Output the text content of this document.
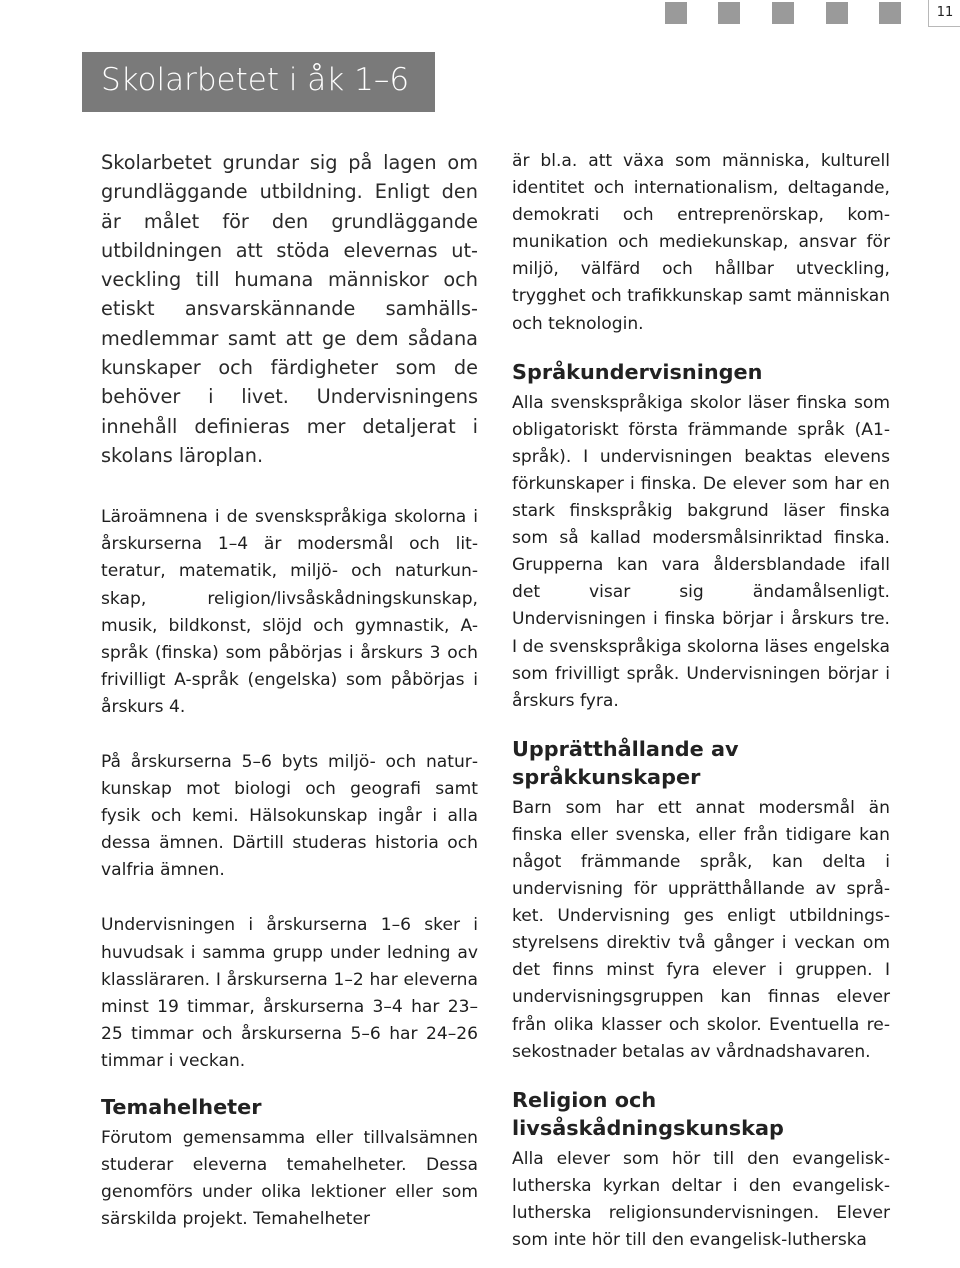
11
Skolarbetet i åk 1–6

Skolarbetet grundar sig på lagen om grundläggande utbildning. Enligt den är målet för den grundläggande utbildningen att stöda elevernas utveckling till humana människor och etiskt ansvarskännande samhällsmedlemmar samt att ge dem sådana kunskaper och färdigheter som de behöver i livet. Undervisningens innehåll definieras mer detaljerat i skolans läroplan.

Läroämnena i de svenskspråkiga skolorna i årskurserna 1–4 är modersmål och litteratur, matematik, miljö- och naturkunskap, religion/livsåskådningskunskap, musik, bildkonst, slöjd och gymnastik, A-språk (finska) som påbörjas i årskurs 3 och frivilligt A-språk (engelska) som påbörjas i årskurs 4.

På årskurserna 5–6 byts miljö- och naturkunskap mot biologi och geografi samt fysik och kemi. Hälsokunskap ingår i alla dessa ämnen. Därtill studeras historia och valfria ämnen.

Undervisningen i årskurserna 1–6 sker i huvudsak i samma grupp under ledning av klassläraren. I årskurserna 1–2 har eleverna minst 19 timmar, årskurserna 3–4 har 23–25 timmar och årskurserna 5–6 har 24–26 timmar i veckan.

Temahelheter

Förutom gemensamma eller tillvalsämnen studerar eleverna temahelheter. Dessa genomförs under olika lektioner eller som särskilda projekt. Temahelheter

är bl.a. att växa som människa, kulturell identitet och internationalism, deltagande, demokrati och entreprenörskap, kommunikation och mediekunskap, ansvar för miljö, välfärd och hållbar utveckling, trygghet och trafikkunskap samt människan och teknologin.

Språkundervisningen

Alla svenskspråkiga skolor läser finska som obligatoriskt första främmande språk (A1-språk). I undervisningen beaktas elevens förkunskaper i finska. De elever som har en stark finskspråkig bakgrund läser finska som så kallad modersmålsinriktad finska. Grupperna kan vara åldersblandade ifall det visar sig ändamålsenligt. Undervisningen i finska börjar i årskurs tre. I de svenskspråkiga skolorna läses engelska som frivilligt språk. Undervisningen börjar i årskurs fyra.

Upprätthållande av språkkunskaper

Barn som har ett annat modersmål än finska eller svenska, eller från tidigare kan något främmande språk, kan delta i undervisning för upprätthållande av språket. Undervisning ges enligt utbildningsstyrelsens direktiv två gånger i veckan om det finns minst fyra elever i gruppen. I undervisningsgruppen kan finnas elever från olika klasser och skolor. Eventuella resekostnader betalas av vårdnadshavaren.

Religion och livsåskådningskunskap

Alla elever som hör till den evangelisk-lutherska kyrkan deltar i den evangelisk-lutherska religionsundervisningen. Elever som inte hör till den evangelisk-lutherska
